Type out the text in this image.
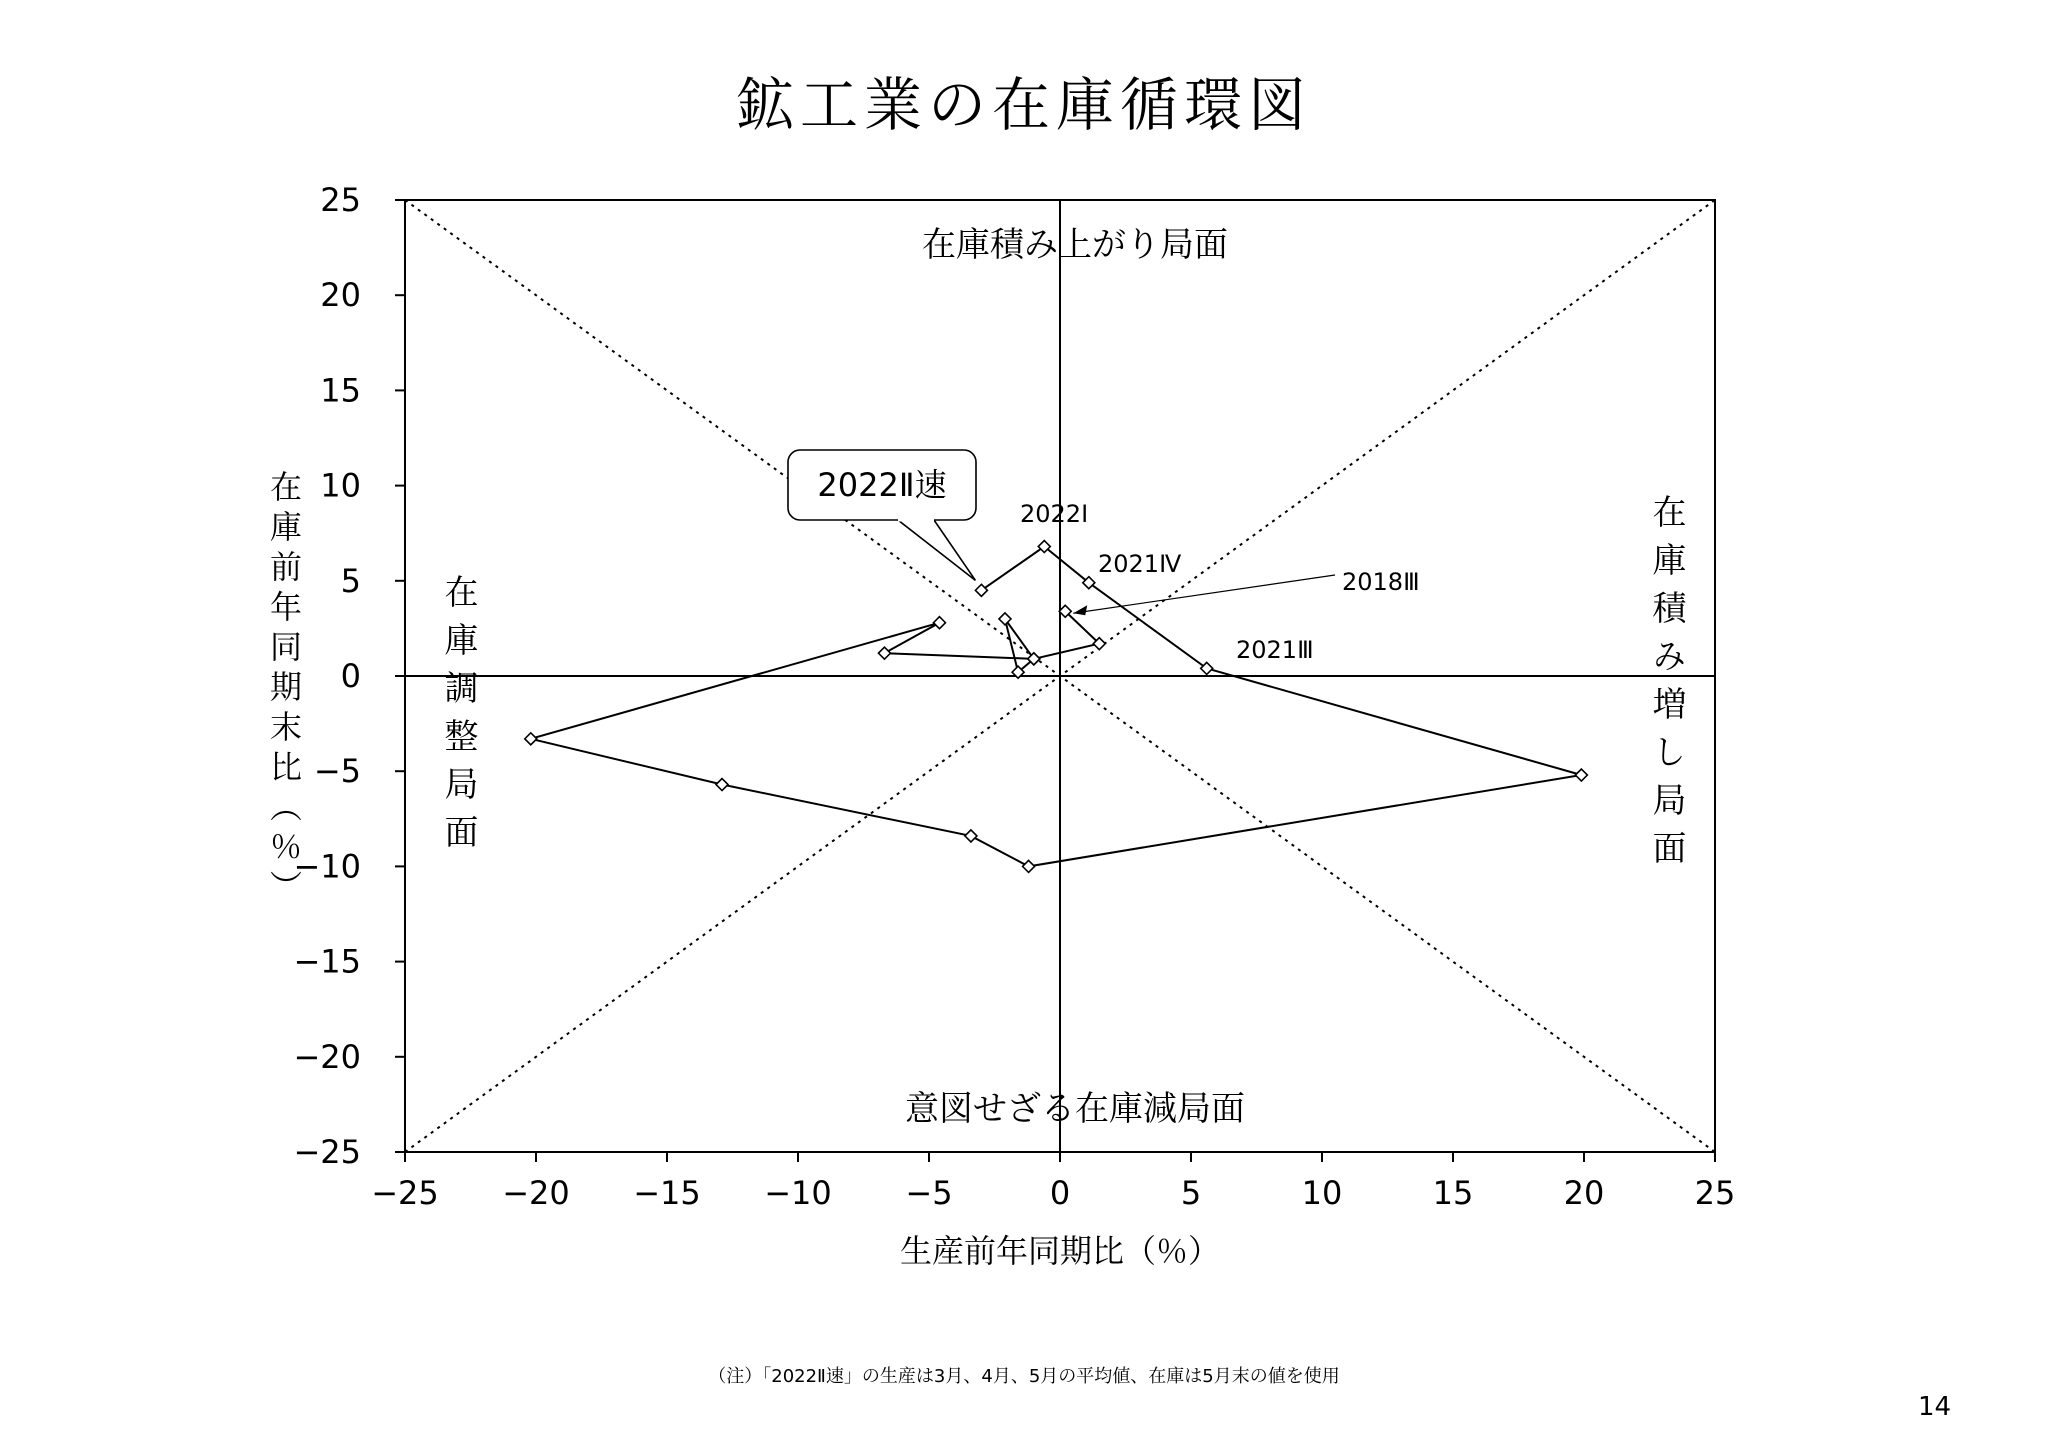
鉱工業の在庫循環図
−25 −20 −15 −10 −5	0	5	10	15	20	25
25
20
15
10
5
0
−5
−10
−15
−20
−25
2018Ⅲ
2021Ⅲ
2021Ⅳ
2022Ⅰ
2022Ⅱ速
在庫積み上がり局面
意図せざる在庫減局面
在庫調整局面	在庫積み増し局面
生産前年同期比（％）
在庫前年同期末比（％）
（注）「2022Ⅱ速」の生産は3月、4月、5月の平均値、在庫は5月末の値を使用
14
